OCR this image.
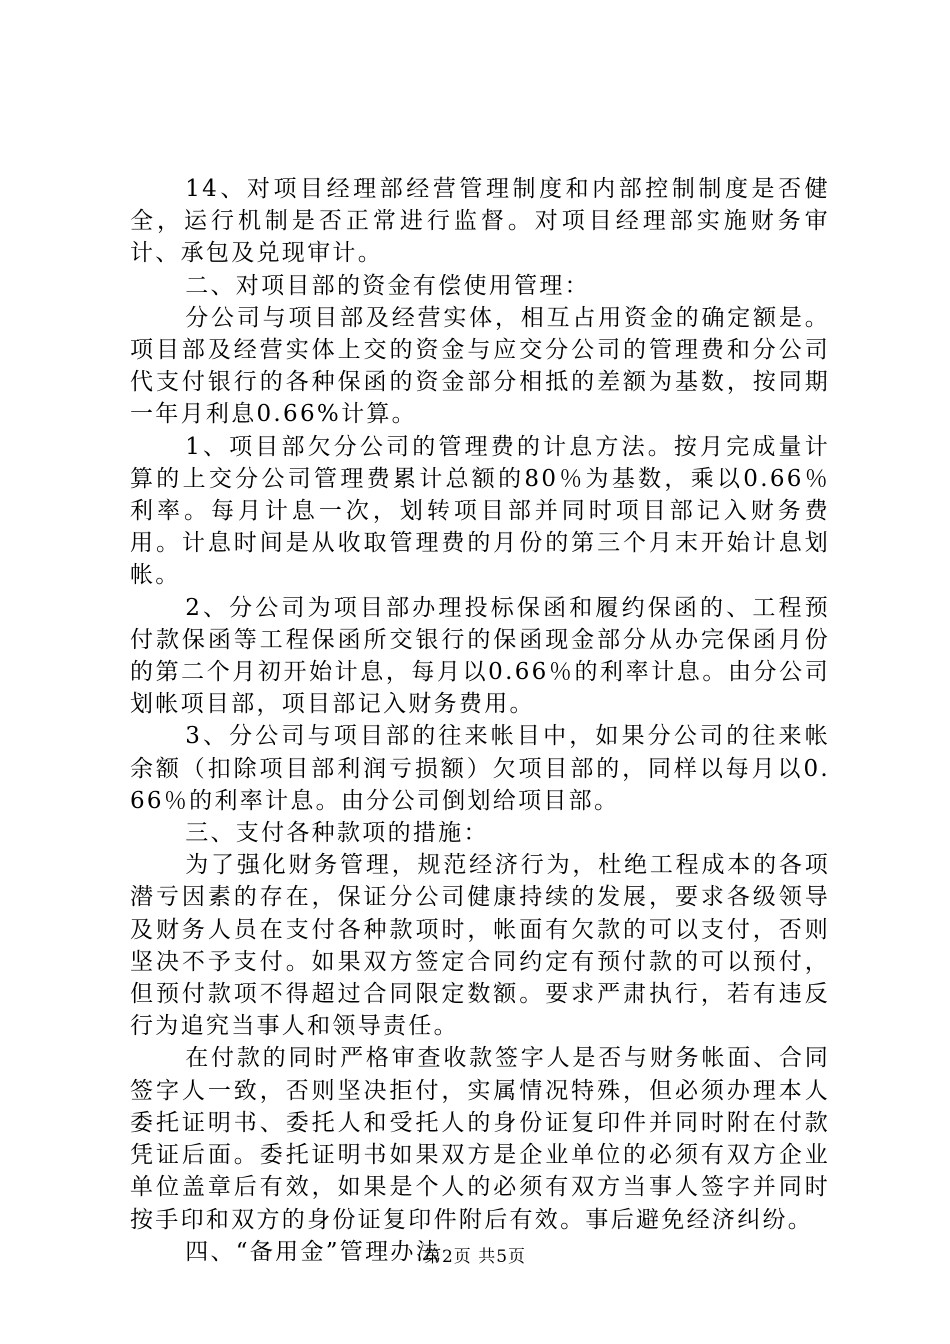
14、对项目经理部经营管理制度和内部控制制度是否健全，运行机制是否正常进行监督。对项目经理部实施财务审计、承包及兑现审计。

二、对项目部的资金有偿使用管理：

分公司与项目部及经营实体，相互占用资金的确定额是。项目部及经营实体上交的资金与应交分公司的管理费和分公司代支付银行的各种保函的资金部分相抵的差额为基数，按同期一年月利息0.66%计算。

1、项目部欠分公司的管理费的计息方法。按月完成量计算的上交分公司管理费累计总额的80％为基数，乘以0.66％利率。每月计息一次，划转项目部并同时项目部记入财务费用。计息时间是从收取管理费的月份的第三个月末开始计息划帐。

2、分公司为项目部办理投标保函和履约保函的、工程预付款保函等工程保函所交银行的保函现金部分从办完保函月份的第二个月初开始计息，每月以0.66％的利率计息。由分公司划帐项目部，项目部记入财务费用。

3、分公司与项目部的往来帐目中，如果分公司的往来帐余额（扣除项目部利润亏损额）欠项目部的，同样以每月以0.66％的利率计息。由分公司倒划给项目部。

三、支付各种款项的措施：

为了强化财务管理，规范经济行为，杜绝工程成本的各项潜亏因素的存在，保证分公司健康持续的发展，要求各级领导及财务人员在支付各种款项时，帐面有欠款的可以支付，否则坚决不予支付。如果双方签定合同约定有预付款的可以预付，但预付款项不得超过合同限定数额。要求严肃执行，若有违反行为追究当事人和领导责任。

在付款的同时严格审查收款签字人是否与财务帐面、合同签字人一致，否则坚决拒付，实属情况特殊，但必须办理本人委托证明书、委托人和受托人的身份证复印件并同时附在付款凭证后面。委托证明书如果双方是企业单位的必须有双方企业单位盖章后有效，如果是个人的必须有双方当事人签字并同时按手印和双方的身份证复印件附后有效。事后避免经济纠纷。

四、“备用金”管理办法

第2页 共5页
